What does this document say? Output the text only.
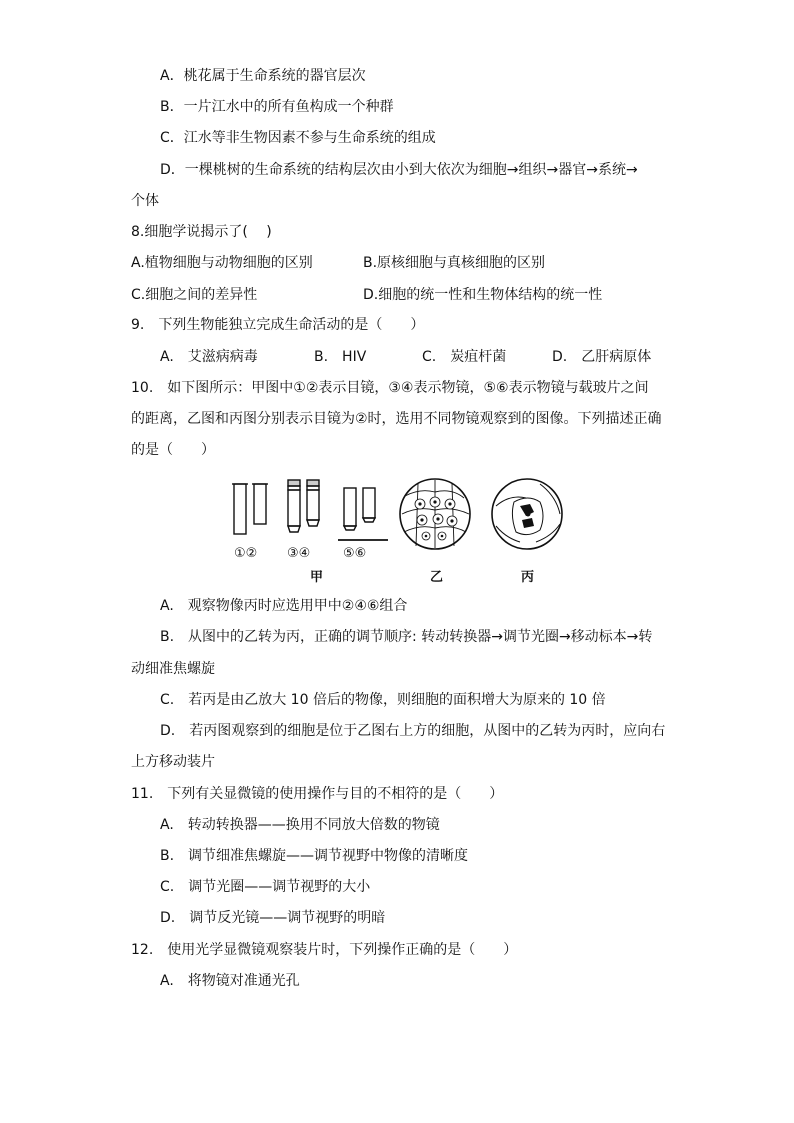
A．桃花属于生命系统的器官层次
B．一片江水中的所有鱼构成一个种群
C．江水等非生物因素不参与生命系统的组成
D．一棵桃树的生命系统的结构层次由小到大依次为细胞→组织→器官→系统→
个体
8.细胞学说揭示了(　 )
A.植物细胞与动物细胞的区别	B.原核细胞与真核细胞的区别
C.细胞之间的差异性	D.细胞的统一性和生物体结构的统一性
9.　下列生物能独立完成生命活动的是（　　）
A.　艾滋病病毒	B.　HIV	C.　炭疽杆菌	D.　乙肝病原体
10.　如下图所示：甲图中①②表示目镜，③④表示物镜，⑤⑥表示物镜与载玻片之间
的距离，乙图和丙图分别表示目镜为②时，选用不同物镜观察到的图像。下列描述正确
的是（　　）
①② ③④	⑤⑥
甲	乙	丙
A.　观察物像丙时应选用甲中②④⑥组合
B.　从图中的乙转为丙，正确的调节顺序: 转动转换器→调节光圈→移动标本→转
动细准焦螺旋
C.　若丙是由乙放大 10 倍后的物像，则细胞的面积增大为原来的 10 倍
D.　若丙图观察到的细胞是位于乙图右上方的细胞，从图中的乙转为丙时，应向右
上方移动装片
11.　下列有关显微镜的使用操作与目的不相符的是（　　）
A.　转动转换器——换用不同放大倍数的物镜
B.　调节细准焦螺旋——调节视野中物像的清晰度
C.　调节光圈——调节视野的大小
D.　调节反光镜——调节视野的明暗
12.　使用光学显微镜观察装片时，下列操作正确的是（　　）
A.　将物镜对准通光孔
